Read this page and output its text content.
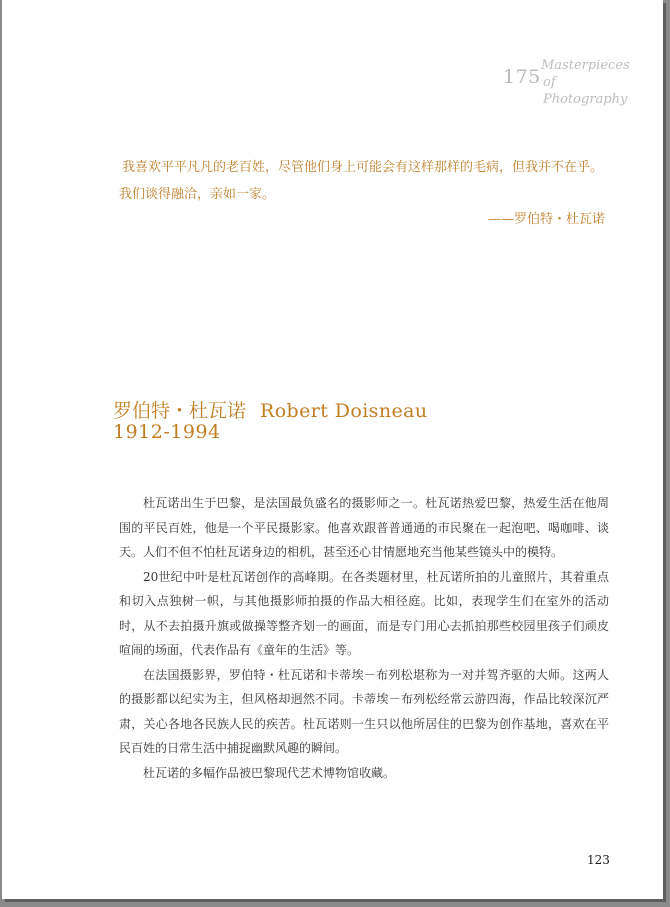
175
Masterpieces
of Photography
我喜欢平平凡凡的老百姓，尽管他们身上可能会有这样那样的毛病，但我并不在乎。我们谈得融洽，亲如一家。
——罗伯特・杜瓦诺
罗伯特・杜瓦诺 Robert Doisneau
1912-1994

杜瓦诺出生于巴黎，是法国最负盛名的摄影师之一。杜瓦诺热爱巴黎，热爱生活在他周围的平民百姓，他是一个平民摄影家。他喜欢跟普普通通的市民聚在一起泡吧、喝咖啡、谈天。人们不但不怕杜瓦诺身边的相机，甚至还心甘情愿地充当他某些镜头中的模特。

20世纪中叶是杜瓦诺创作的高峰期。在各类题材里，杜瓦诺所拍的儿童照片，其着重点和切入点独树一帜，与其他摄影师拍摄的作品大相径庭。比如，表现学生们在室外的活动时，从不去拍摄升旗或做操等整齐划一的画面，而是专门用心去抓拍那些校园里孩子们顽皮喧闹的场面，代表作品有《童年的生活》等。

在法国摄影界，罗伯特・杜瓦诺和卡蒂埃－布列松堪称为一对并驾齐驱的大师。这两人的摄影都以纪实为主，但风格却迥然不同。卡蒂埃－布列松经常云游四海，作品比较深沉严肃，关心各地各民族人民的疾苦。杜瓦诺则一生只以他所居住的巴黎为创作基地，喜欢在平民百姓的日常生活中捕捉幽默风趣的瞬间。

杜瓦诺的多幅作品被巴黎现代艺术博物馆收藏。

123
